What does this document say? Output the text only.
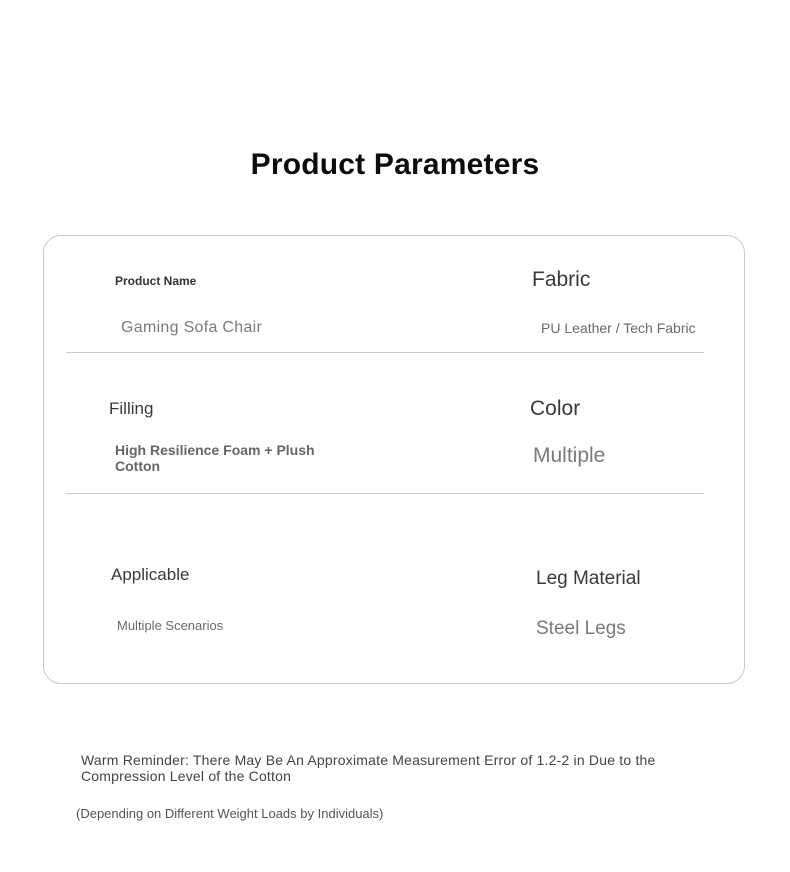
Product Parameters
Product Name
Gaming Sofa Chair
Fabric
PU Leather / Tech Fabric
Filling
High Resilience Foam + Plush
Cotton
Color
Multiple
Applicable
Multiple Scenarios
Leg Material
Steel Legs
Warm Reminder: There May Be An Approximate Measurement Error of 1.2-2 in Due to the
Compression Level of the Cotton
(Depending on Different Weight Loads by Individuals)
